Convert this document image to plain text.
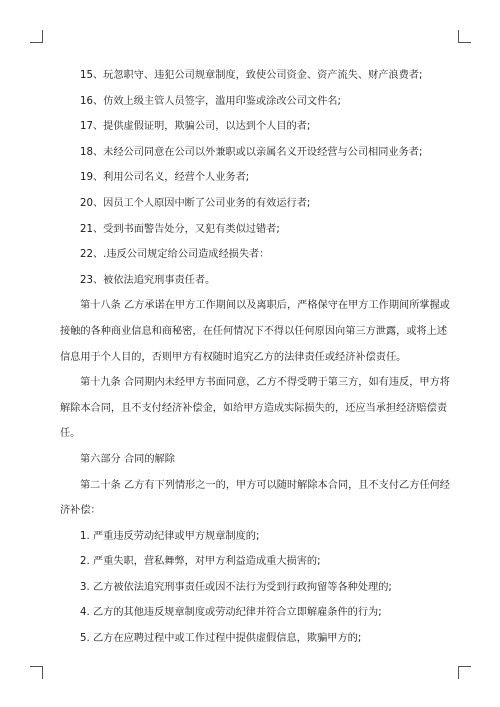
15、玩忽职守、违犯公司规章制度，致使公司资金、资产流失、财产浪费者;

16、仿效上级主管人员签字，滥用印鉴或涂改公司文件名;

17、提供虚假证明，欺骗公司，以达到个人目的者;

18、未经公司同意在公司以外兼职或以亲属名义开设经营与公司相同业务者;

19、利用公司名义，经营个人业务者;

20、因员工个人原因中断了公司业务的有效运行者;

21、受到书面警告处分，又犯有类似过错者;

22、.违反公司规定给公司造成经损失者：

23、被依法追究刑事责任者。

第十八条 乙方承诺在甲方工作期间以及离职后，严格保守在甲方工作期间所掌握或接触的各种商业信息和商秘密，在任何情况下不得以任何原因向第三方泄露，或将上述信息用于个人目的，否则甲方有权随时追究乙方的法律责任或经济补偿责任。

第十九条 合同期内未经甲方书面同意，乙方不得受聘于第三方，如有违反，甲方将解除本合同，且不支付经济补偿金，如给甲方造成实际损失的，还应当承担经济赔偿责任。

第六部分 合同的解除

第二十条 乙方有下列情形之一的，甲方可以随时解除本合同，且不支付乙方任何经济补偿：

1. 严重违反劳动纪律或甲方规章制度的;

2. 严重失职，营私舞弊，对甲方利益造成重大损害的;

3. 乙方被依法追究刑事责任或因不法行为受到行政拘留等各种处理的;

4. 乙方的其他违反规章制度或劳动纪律并符合立即解雇条件的行为;

5. 乙方在应聘过程中或工作过程中提供虚假信息，欺骗甲方的;
